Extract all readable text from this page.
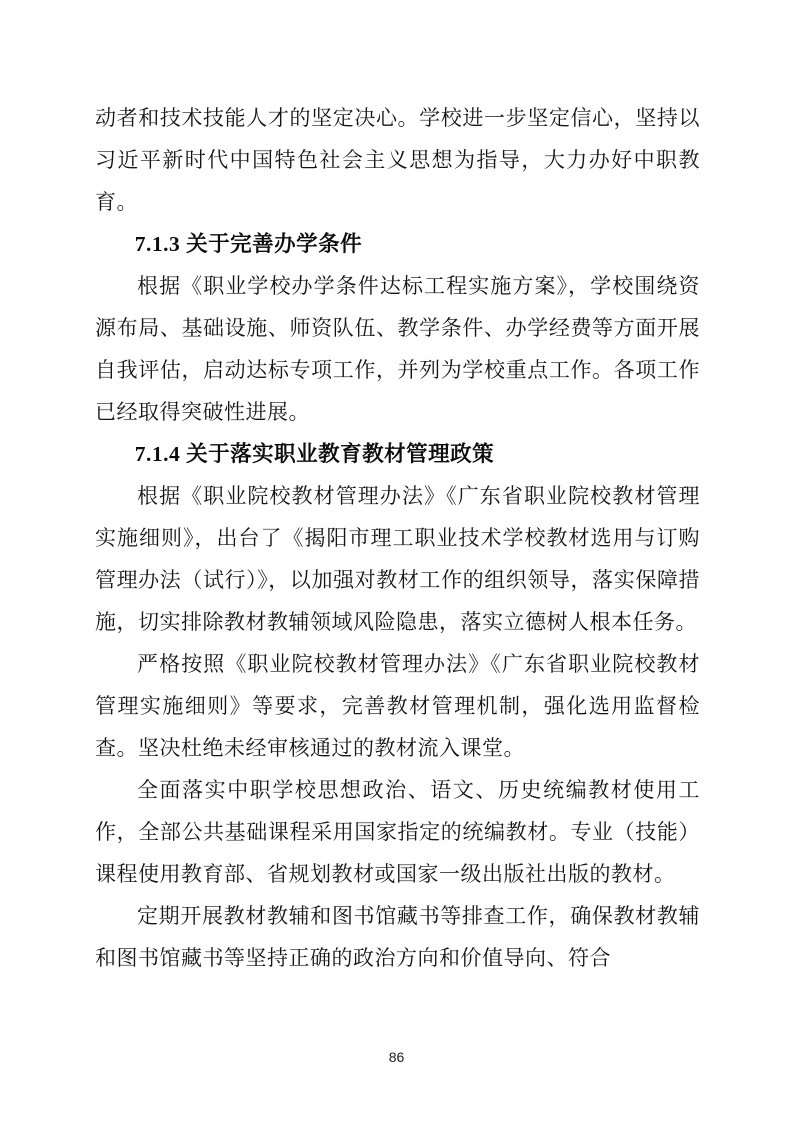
动者和技术技能人才的坚定决心。学校进一步坚定信心，坚持以习近平新时代中国特色社会主义思想为指导，大力办好中职教育。

7.1.3 关于完善办学条件

根据《职业学校办学条件达标工程实施方案》，学校围绕资源布局、基础设施、师资队伍、教学条件、办学经费等方面开展自我评估，启动达标专项工作，并列为学校重点工作。各项工作已经取得突破性进展。

7.1.4 关于落实职业教育教材管理政策

根据《职业院校教材管理办法》《广东省职业院校教材管理实施细则》，出台了《揭阳市理工职业技术学校教材选用与订购管理办法（试行）》，以加强对教材工作的组织领导，落实保障措施，切实排除教材教辅领域风险隐患，落实立德树人根本任务。

严格按照《职业院校教材管理办法》《广东省职业院校教材管理实施细则》等要求，完善教材管理机制，强化选用监督检查。坚决杜绝未经审核通过的教材流入课堂。

全面落实中职学校思想政治、语文、历史统编教材使用工作，全部公共基础课程采用国家指定的统编教材。专业（技能）课程使用教育部、省规划教材或国家一级出版社出版的教材。

定期开展教材教辅和图书馆藏书等排查工作，确保教材教辅和图书馆藏书等坚持正确的政治方向和价值导向、符合

86
